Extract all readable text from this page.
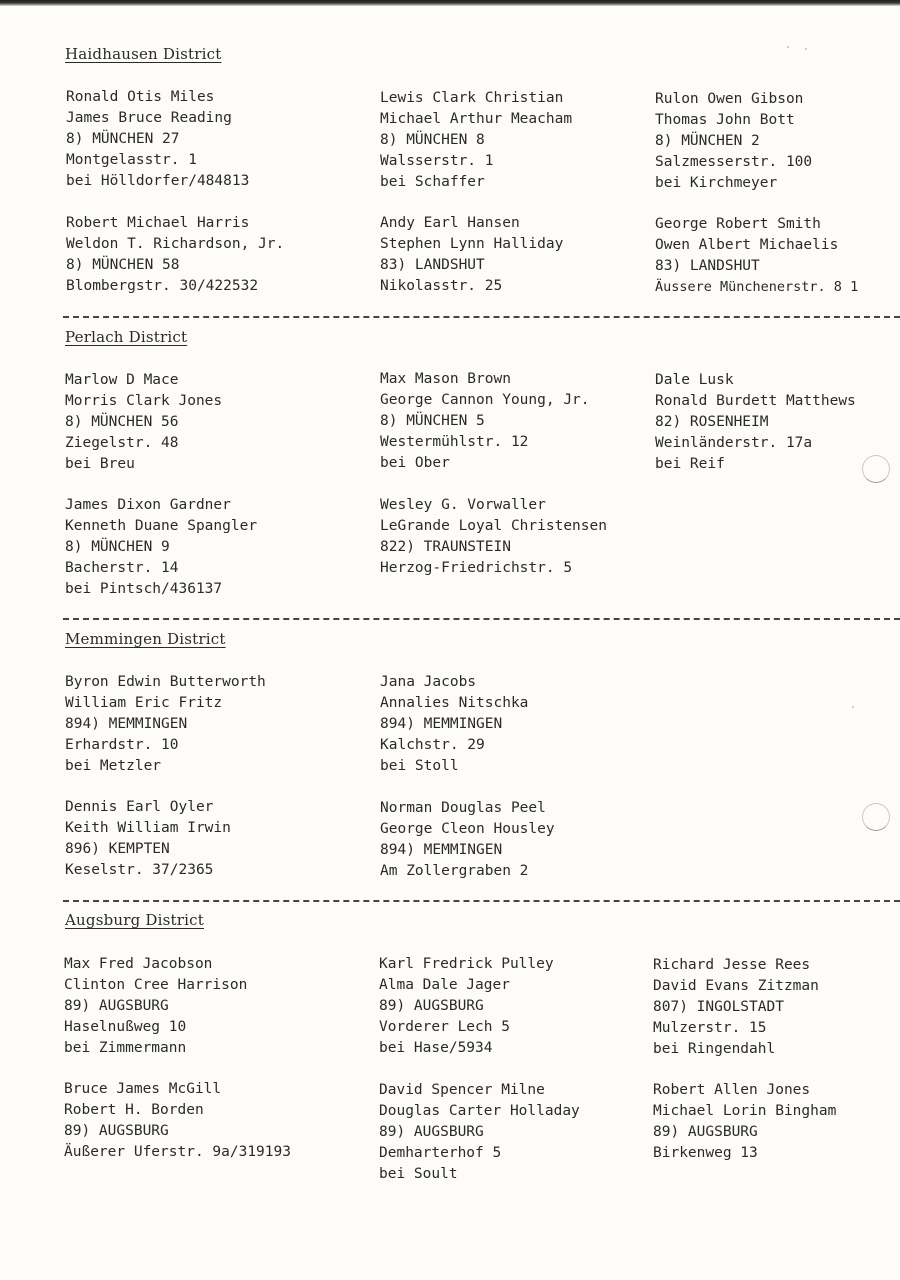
Haidhausen District
Ronald Otis Miles
James Bruce Reading
8) MÜNCHEN 27
Montgelasstr. 1
bei Hölldorfer/484813
Lewis Clark Christian
Michael Arthur Meacham
8) MÜNCHEN 8
Walsserstr. 1
bei Schaffer
Rulon Owen Gibson
Thomas John Bott
8) MÜNCHEN 2
Salzmesserstr. 100
bei Kirchmeyer
Robert Michael Harris
Weldon T. Richardson, Jr.
8) MÜNCHEN 58
Blombergstr. 30/422532
Andy Earl Hansen
Stephen Lynn Halliday
83) LANDSHUT
Nikolasstr. 25
George Robert Smith
Owen Albert Michaelis
83) LANDSHUT
Äussere Münchenerstr. 8 1
Perlach District
Marlow D Mace
Morris Clark Jones
8) MÜNCHEN 56
Ziegelstr. 48
bei Breu
Max Mason Brown
George Cannon Young, Jr.
8) MÜNCHEN 5
Westermühlstr. 12
bei Ober
Dale Lusk
Ronald Burdett Matthews
82) ROSENHEIM
Weinländerstr. 17a
bei Reif
James Dixon Gardner
Kenneth Duane Spangler
8) MÜNCHEN 9
Bacherstr. 14
bei Pintsch/436137
Wesley G. Vorwaller
LeGrande Loyal Christensen
822) TRAUNSTEIN
Herzog-Friedrichstr. 5
Memmingen District
Byron Edwin Butterworth
William Eric Fritz
894) MEMMINGEN
Erhardstr. 10
bei Metzler
Jana Jacobs
Annalies Nitschka
894) MEMMINGEN
Kalchstr. 29
bei Stoll
Dennis Earl Oyler
Keith William Irwin
896) KEMPTEN
Keselstr. 37/2365
Norman Douglas Peel
George Cleon Housley
894) MEMMINGEN
Am Zollergraben 2
Augsburg District
Max Fred Jacobson
Clinton Cree Harrison
89) AUGSBURG
Haselnußweg 10
bei Zimmermann
Karl Fredrick Pulley
Alma Dale Jager
89) AUGSBURG
Vorderer Lech 5
bei Hase/5934
Richard Jesse Rees
David Evans Zitzman
807) INGOLSTADT
Mulzerstr. 15
bei Ringendahl
Bruce James McGill
Robert H. Borden
89) AUGSBURG
Äußerer Uferstr. 9a/319193
David Spencer Milne
Douglas Carter Holladay
89) AUGSBURG
Demharterhof 5
bei Soult
Robert Allen Jones
Michael Lorin Bingham
89) AUGSBURG
Birkenweg 13
